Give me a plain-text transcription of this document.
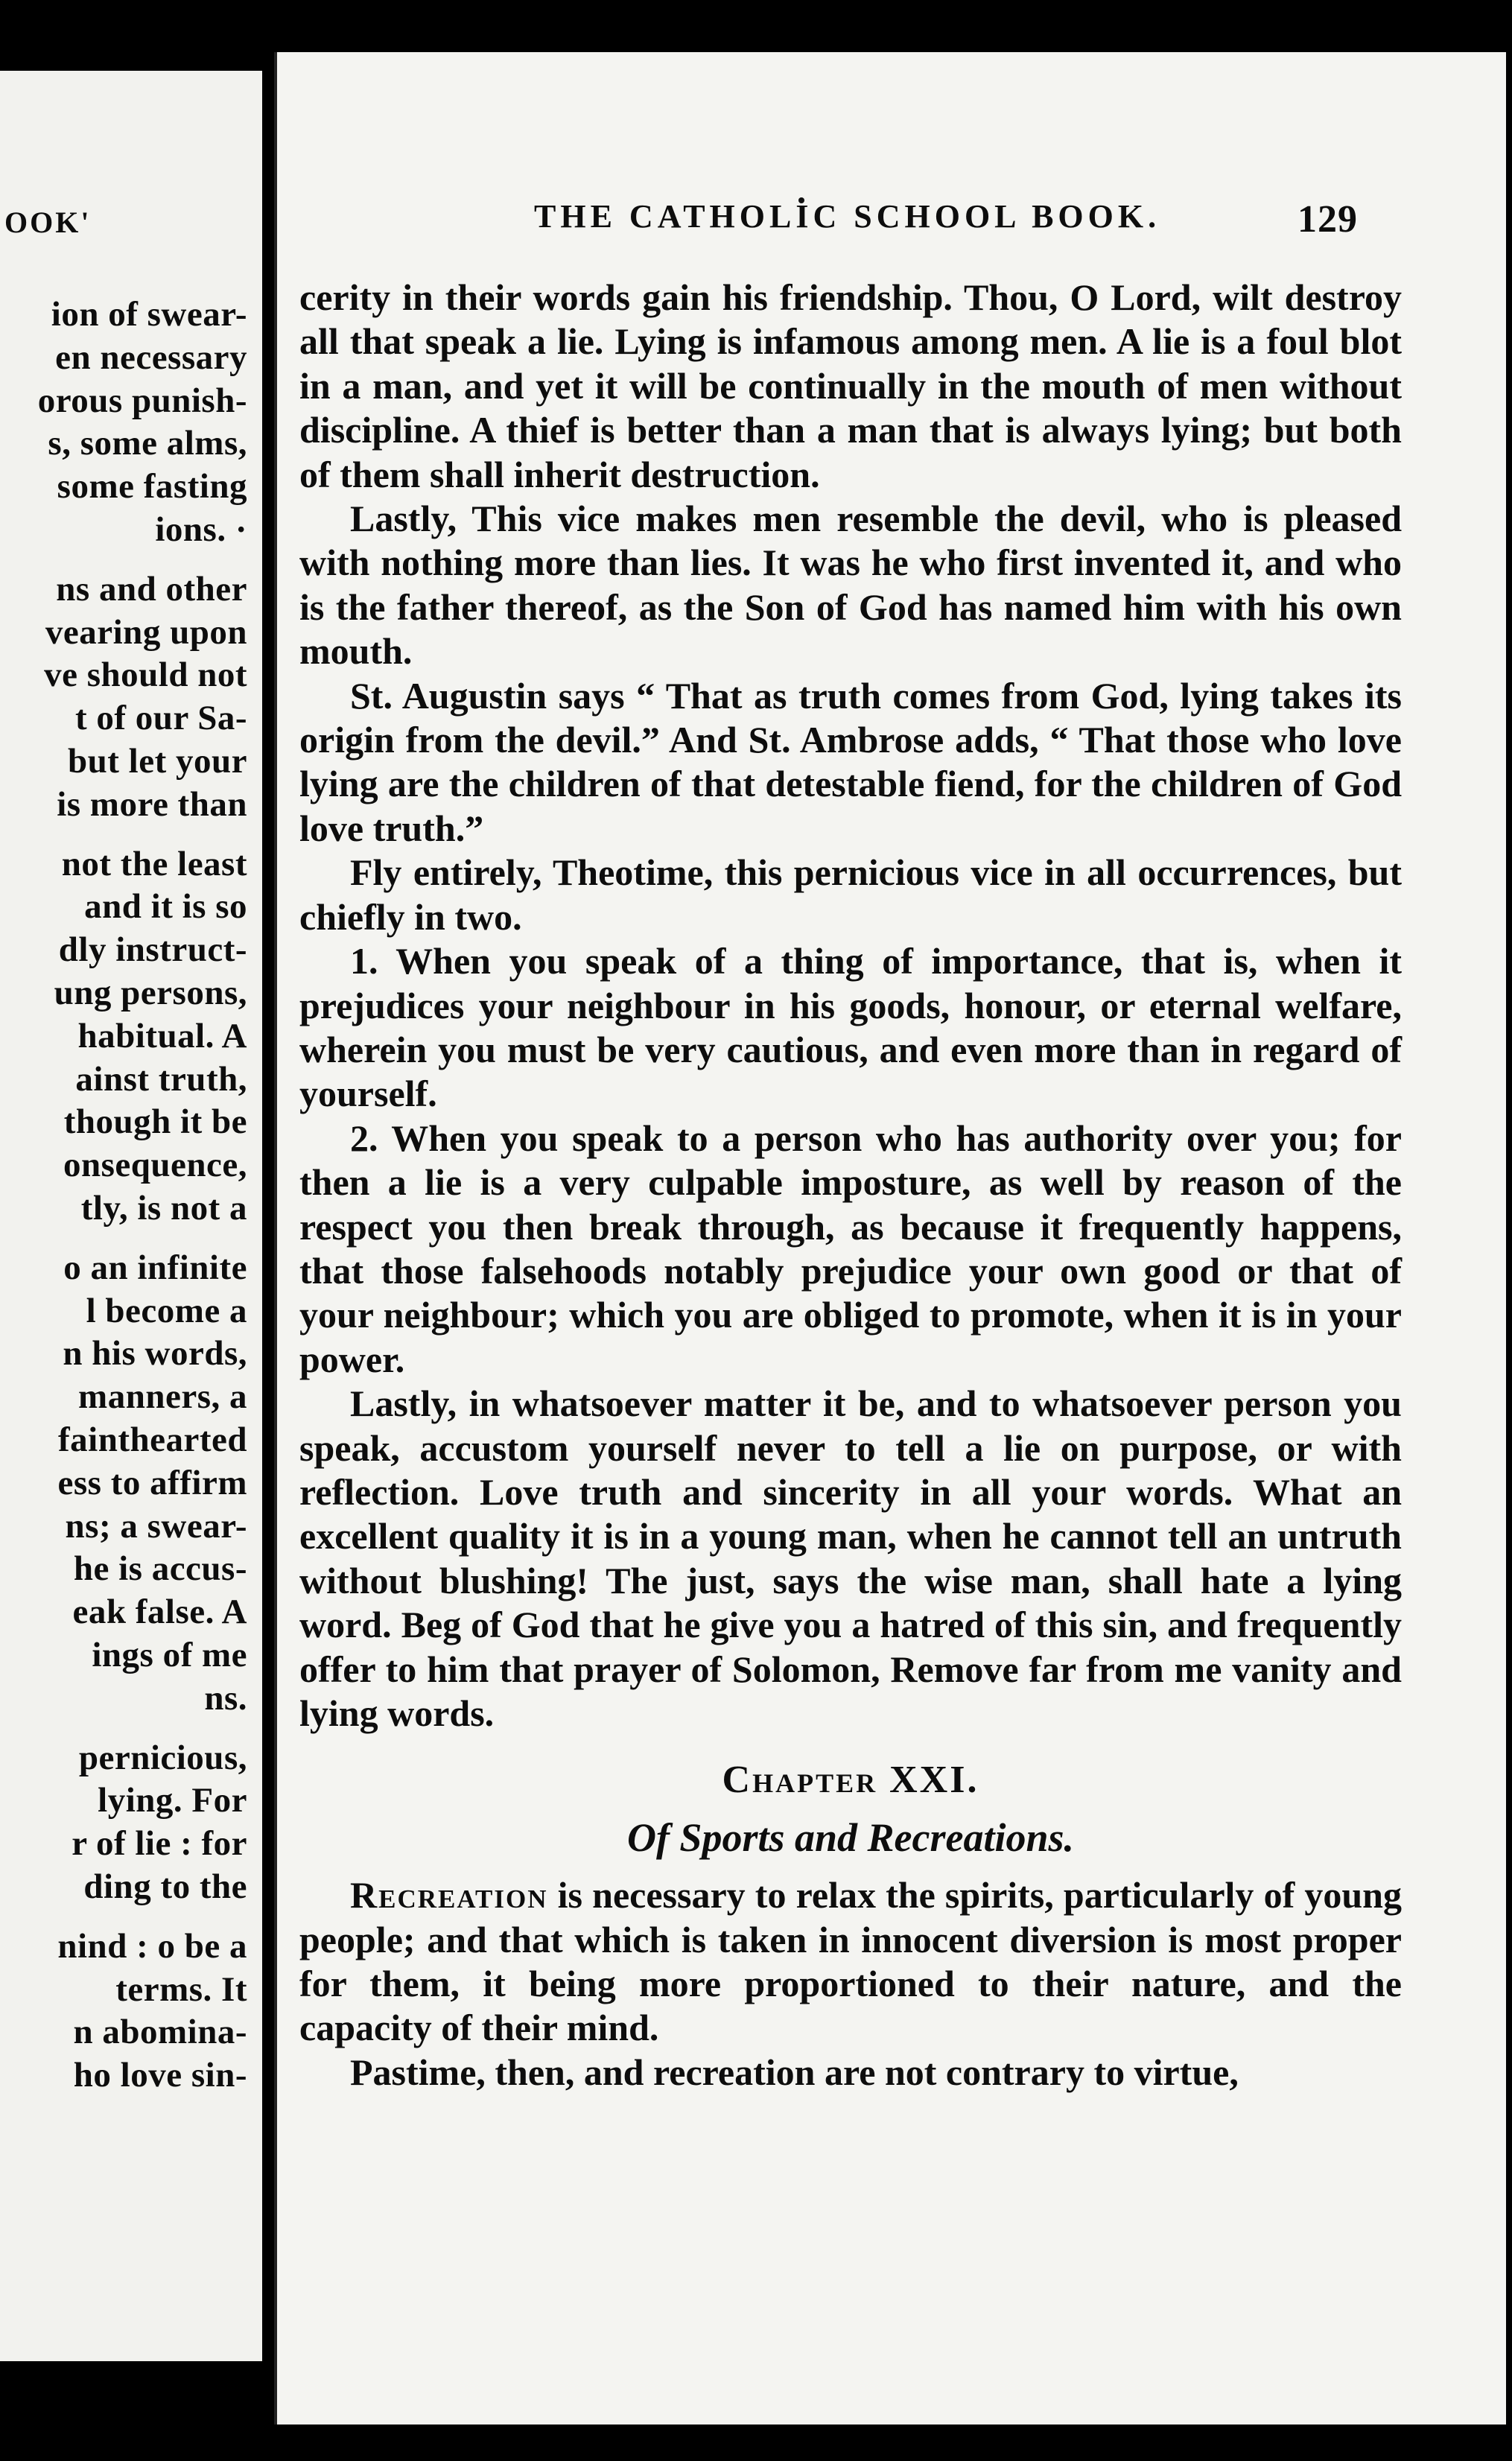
OOK'
ion of swear-
en necessary
orous punish-
s, some alms,
some fasting
ions. ·
ns and other
vearing upon
ve should not
t of our Sa-
but let your
is more than
not the least
and it is so
dly instruct-
ung persons,
habitual. A
ainst truth,
though it be
onsequence,
tly, is not a
o an infinite
l become a
n his words,
manners, a
fainthearted
ess to affirm
ns; a swear-
he is accus-
eak false. A
ings of me
ns.
pernicious,
lying. For
r of lie : for
ding to the
nind : o be a
terms. It
n abomina-
ho love sin-
THE CATHOLIC SCHOOL BOOK.	129

cerity in their words gain his friendship. Thou, O Lord, wilt destroy all that speak a lie. Lying is infamous among men. A lie is a foul blot in a man, and yet it will be continually in the mouth of men without discipline. A thief is better than a man that is always lying; but both of them shall inherit destruction.

Lastly, This vice makes men resemble the devil, who is pleased with nothing more than lies. It was he who first invented it, and who is the father thereof, as the Son of God has named him with his own mouth.

St. Augustin says “ That as truth comes from God, lying takes its origin from the devil.” And St. Ambrose adds, “ That those who love lying are the children of that detestable fiend, for the children of God love truth.”

Fly entirely, Theotime, this pernicious vice in all occurrences, but chiefly in two.

1. When you speak of a thing of importance, that is, when it prejudices your neighbour in his goods, honour, or eternal welfare, wherein you must be very cautious, and even more than in regard of yourself.

2. When you speak to a person who has authority over you; for then a lie is a very culpable imposture, as well by reason of the respect you then break through, as because it frequently happens, that those falsehoods notably prejudice your own good or that of your neighbour; which you are obliged to promote, when it is in your power.

Lastly, in whatsoever matter it be, and to whatsoever person you speak, accustom yourself never to tell a lie on purpose, or with reflection. Love truth and sincerity in all your words. What an excellent quality it is in a young man, when he cannot tell an untruth without blushing! The just, says the wise man, shall hate a lying word. Beg of God that he give you a hatred of this sin, and frequently offer to him that prayer of Solomon, Remove far from me vanity and lying words.

Chapter XXI.
Of Sports and Recreations.

Recreation is necessary to relax the spirits, particularly of young people; and that which is taken in innocent diversion is most proper for them, it being more proportioned to their nature, and the capacity of their mind.

Pastime, then, and recreation are not contrary to virtue,
